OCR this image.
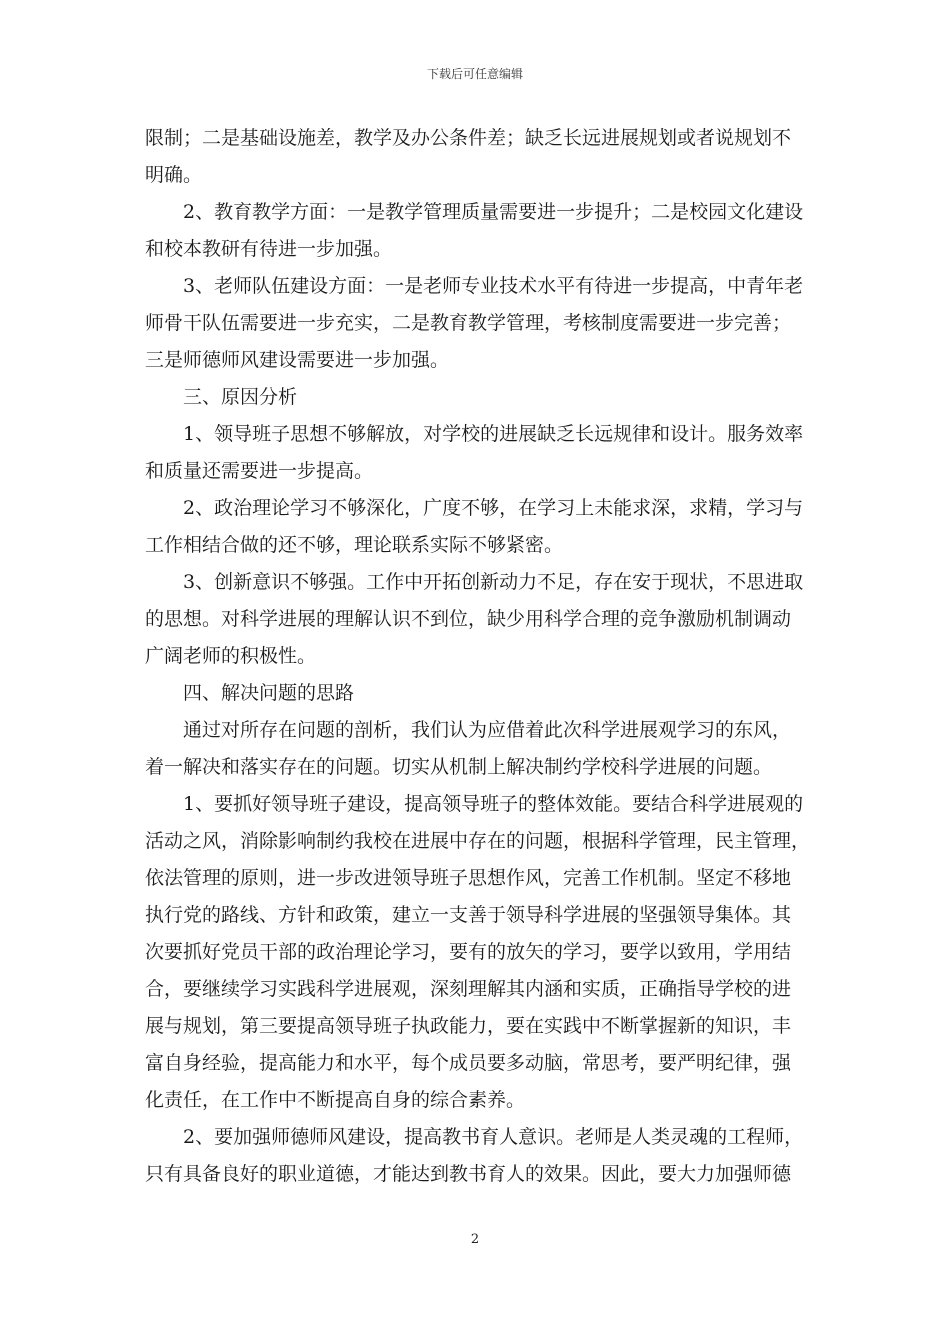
下载后可任意编辑
限制；二是基础设施差，教学及办公条件差；缺乏长远进展规划或者说规划不
明确。
2、教育教学方面：一是教学管理质量需要进一步提升；二是校园文化建设
和校本教研有待进一步加强。
3、老师队伍建设方面：一是老师专业技术水平有待进一步提高，中青年老
师骨干队伍需要进一步充实，二是教育教学管理，考核制度需要进一步完善；
三是师德师风建设需要进一步加强。
三、原因分析
1、领导班子思想不够解放，对学校的进展缺乏长远规律和设计。服务效率
和质量还需要进一步提高。
2、政治理论学习不够深化，广度不够，在学习上未能求深，求精，学习与
工作相结合做的还不够，理论联系实际不够紧密。
3、创新意识不够强。工作中开拓创新动力不足，存在安于现状，不思进取
的思想。对科学进展的理解认识不到位，缺少用科学合理的竞争激励机制调动
广阔老师的积极性。
四、解决问题的思路
通过对所存在问题的剖析，我们认为应借着此次科学进展观学习的东风，
着一解决和落实存在的问题。切实从机制上解决制约学校科学进展的问题。
1、要抓好领导班子建设，提高领导班子的整体效能。要结合科学进展观的
活动之风，消除影响制约我校在进展中存在的问题，根据科学管理，民主管理，
依法管理的原则，进一步改进领导班子思想作风，完善工作机制。坚定不移地
执行党的路线、方针和政策，建立一支善于领导科学进展的坚强领导集体。其
次要抓好党员干部的政治理论学习，要有的放矢的学习，要学以致用，学用结
合，要继续学习实践科学进展观，深刻理解其内涵和实质，正确指导学校的进
展与规划，第三要提高领导班子执政能力，要在实践中不断掌握新的知识，丰
富自身经验，提高能力和水平，每个成员要多动脑，常思考，要严明纪律，强
化责任，在工作中不断提高自身的综合素养。
2、要加强师德师风建设，提高教书育人意识。老师是人类灵魂的工程师，
只有具备良好的职业道德，才能达到教书育人的效果。因此，要大力加强师德
2
